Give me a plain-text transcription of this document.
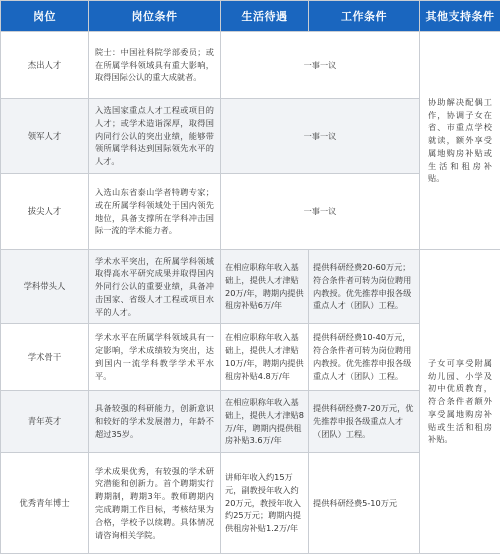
岗位	岗位条件	生活待遇	工作条件	其他支持条件
杰出人才	院士：中国社科院学部委员；或在所属学科领域具有重大影响，取得国际公认的重大成就者。	一事一议		协助解决配偶工作，协调子女在省、市重点学校就读，额外享受属地购房补贴或生活和租房补贴。
领军人才	入选国家重点人才工程或项目的人才；或学术造诣深厚，取得国内同行公认的突出业绩，能够带领所属学科达到国际领先水平的人才。	一事一议		
拔尖人才	入选山东省泰山学者特聘专家；或在所属学科领域处于国内领先地位，具备支撑所在学科冲击国际一流的学术能力者。	一事一议		
学科带头人	学术水平突出，在所属学科领域取得高水平研究成果并取得国内外同行公认的重要业绩，具备冲击国家、省级人才工程或项目水平的人才。	在相应职称年收入基础上，提供人才津贴20万/年，聘期内提供租房补贴6万/年	提供科研经费20-60万元；符合条件者可转为岗位聘用内教授。优先推荐申报各级重点人才（团队）工程。	子女可享受附属幼儿园、小学及初中优质教育，符合条件者额外享受属地购房补贴或生活和租房补贴。
学术骨干	学术水平在所属学科领域具有一定影响，学术成绩较为突出，达到国内一流学科教学学术平水平。	在相应职称年收入基础上，提供人才津贴10万/年，聘期内提供租房补贴4.8万/年	提供科研经费10-40万元，符合条件者可转为岗位聘用内教授。优先推荐申报各级重点人才（团队）工程。	
青年英才	具备较强的科研能力，创新意识和较好的学术发展潜力，年龄不超过35岁。	在相应职称年收入基础上，提供人才津贴8万/年，聘期内提供租房补贴3.6万/年	提供科研经费7-20万元，优先推荐申报各级重点人才（团队）工程。	
优秀青年博士	学术成果优秀，有较强的学术研究潜能和创新力。首个聘期实行聘期制，聘期3年。教师聘期内完成聘期工作目标，考核结果为合格，学校予以续聘。具体情况请咨询相关学院。	讲师年收入约15万元，副教授年收入约20万元，教授年收入约25万元；聘期内提供租房补贴1.2万/年	提供科研经费5-10万元	
